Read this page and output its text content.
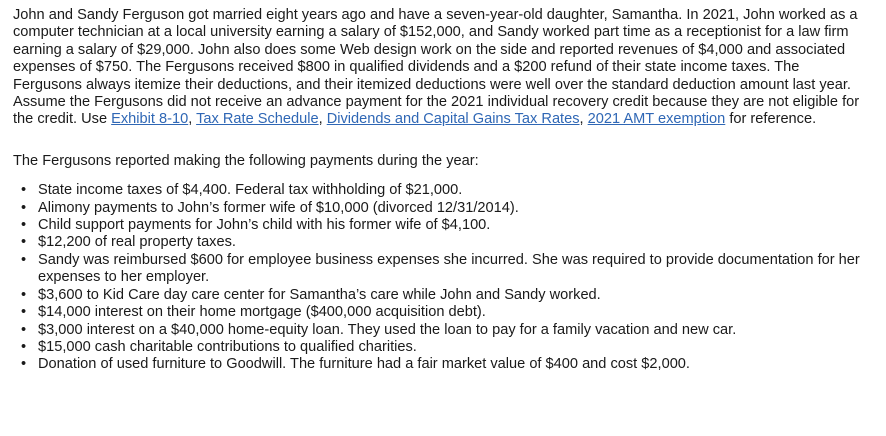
John and Sandy Ferguson got married eight years ago and have a seven-year-old daughter, Samantha. In 2021, John worked as a computer technician at a local university earning a salary of $152,000, and Sandy worked part time as a receptionist for a law firm earning a salary of $29,000. John also does some Web design work on the side and reported revenues of $4,000 and associated expenses of $750. The Fergusons received $800 in qualified dividends and a $200 refund of their state income taxes. The Fergusons always itemize their deductions, and their itemized deductions were well over the standard deduction amount last year. Assume the Fergusons did not receive an advance payment for the 2021 individual recovery credit because they are not eligible for the credit. Use Exhibit 8-10, Tax Rate Schedule, Dividends and Capital Gains Tax Rates, 2021 AMT exemption for reference.

The Fergusons reported making the following payments during the year:

• State income taxes of $4,400. Federal tax withholding of $21,000.
• Alimony payments to John’s former wife of $10,000 (divorced 12/31/2014).
• Child support payments for John’s child with his former wife of $4,100.
• $12,200 of real property taxes.
• Sandy was reimbursed $600 for employee business expenses she incurred. She was required to provide documentation for her expenses to her employer.
• $3,600 to Kid Care day care center for Samantha’s care while John and Sandy worked.
• $14,000 interest on their home mortgage ($400,000 acquisition debt).
• $3,000 interest on a $40,000 home-equity loan. They used the loan to pay for a family vacation and new car.
• $15,000 cash charitable contributions to qualified charities.
• Donation of used furniture to Goodwill. The furniture had a fair market value of $400 and cost $2,000.
